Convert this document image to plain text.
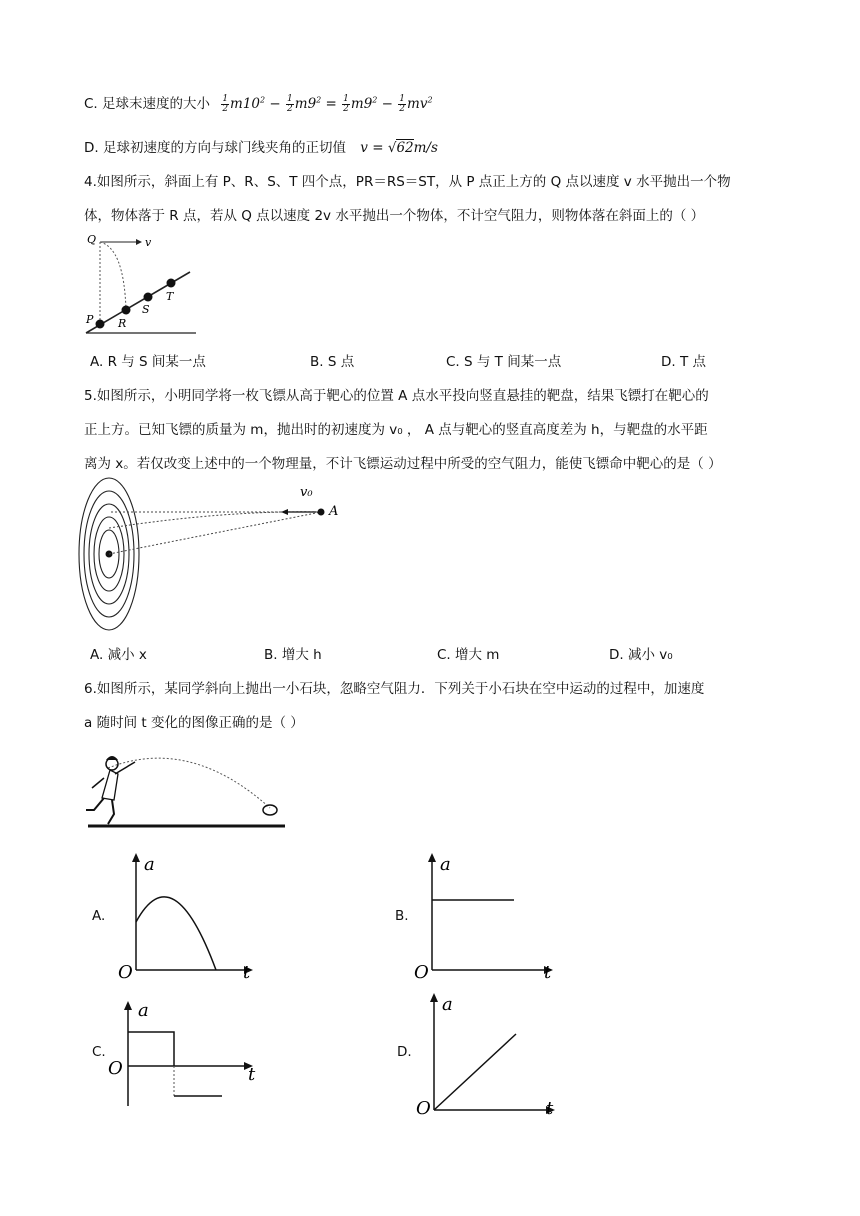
C. 足球末速度的大小 $\frac{1}{2} m10^2 - \frac{1}{2} m9^2 = \frac{1}{2} m9^2 - \frac{1}{2} mv^2$
D. 足球初速度的方向与球门线夹角的正切值 v = √62m/s
4.如图所示，斜面上有 P、R、S、T 四个点，PR＝RS＝ST，从 P 点正上方的 Q 点以速度 v 水平抛出一个物
体，物体落于 R 点，若从 Q 点以速度 2v 水平抛出一个物体，不计空气阻力，则物体落在斜面上的（ ）
Q	v
P R
S
T
A. R 与 S 间某一点	B. S 点	C. S 与 T 间某一点	D. T 点
5.如图所示，小明同学将一枚飞镖从高于靶心的位置 A 点水平投向竖直悬挂的靶盘，结果飞镖打在靶心的
正上方。已知飞镖的质量为 m，抛出时的初速度为 v₀ ， A 点与靶心的竖直高度差为 h，与靶盘的水平距
离为 x。若仅改变上述中的一个物理量，不计飞镖运动过程中所受的空气阻力，能使飞镖命中靶心的是（ ）
v₀
A
A. 减小 x	B. 增大 h	C. 增大 m	D. 减小 v₀
6.如图所示，某同学斜向上抛出一小石块，忽略空气阻力．下列关于小石块在空中运动的过程中，加速度
a 随时间 t 变化的图像正确的是（ ）
A.
a
t
O
B.
a
t
O
C.
a
t
O
D.
a
t
O
